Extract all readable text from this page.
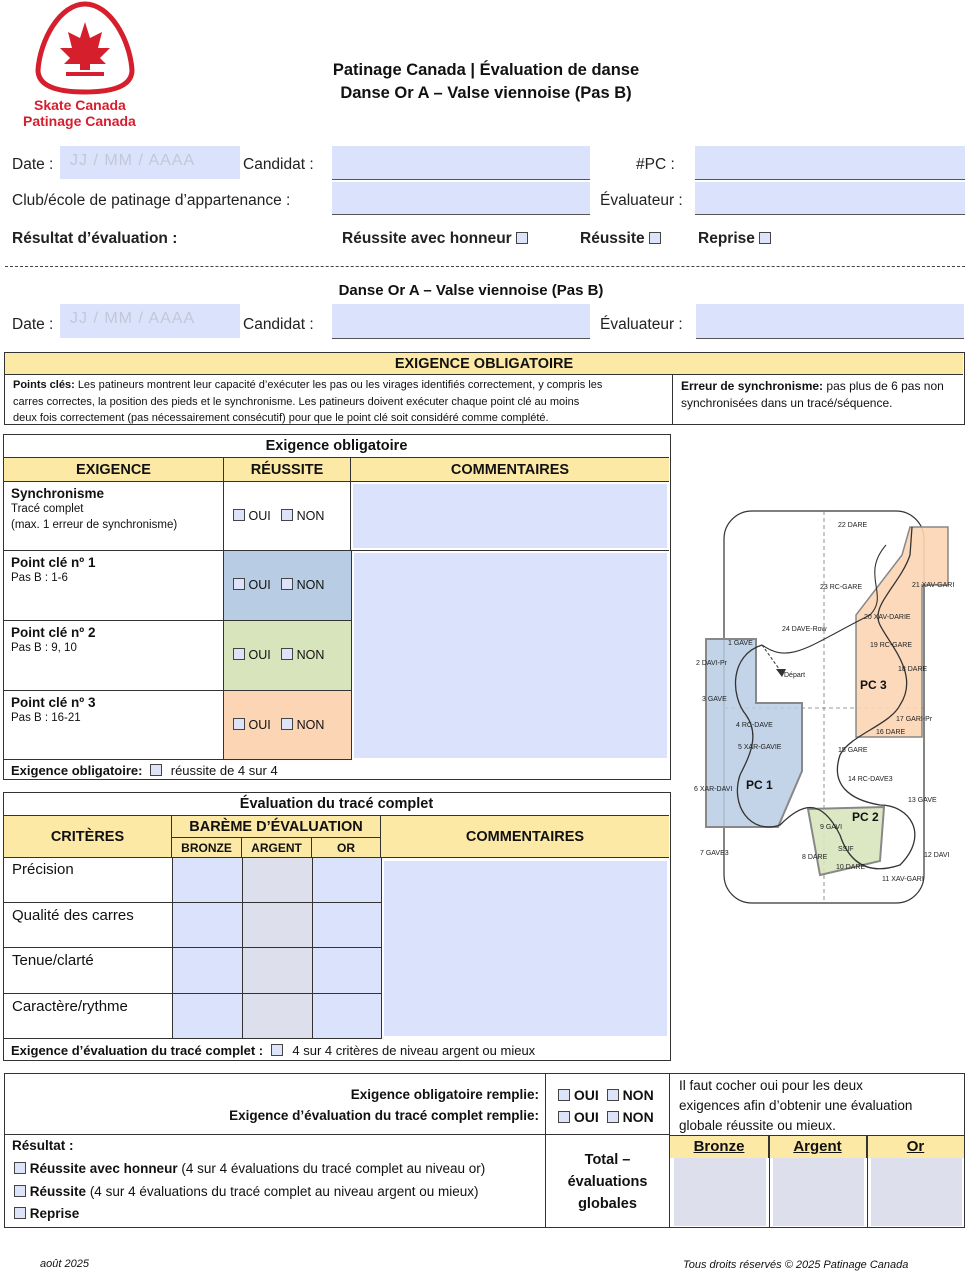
Skate Canada
Patinage Canada
Patinage Canada | Évaluation de danse
Danse Or A – Valse viennoise (Pas B)
Date :	JJ / MM / AAAA	Candidat :	#PC :
Club/école de patinage d’appartenance :	Évaluateur :
Résultat d’évaluation :	Réussite avec honneur	Réussite	Reprise
Danse Or A – Valse viennoise (Pas B)
Date :	JJ / MM / AAAA	Candidat :	Évaluateur :
EXIGENCE OBLIGATOIRE
Points clés: Les patineurs montrent leur capacité d’exécuter les pas ou les virages identifiés correctement, y compris les
carres correctes, la position des pieds et le synchronisme. Les patineurs doivent exécuter chaque point clé au moins
deux fois correctement (pas nécessairement consécutif) pour que le point clé soit considéré comme complété.
Erreur de synchronisme: pas plus de 6 pas non
synchronisées dans un tracé/séquence.
Exigence obligatoire
EXIGENCE	RÉUSSITE	COMMENTAIRES
Synchronisme
Tracé complet
(max. 1 erreur de synchronisme)
OUI NON
Point clé nº 1
Pas B : 1-6	OUI NON
Point clé nº 2
Pas B : 9, 10	OUI NON
Point clé nº 3
Pas B : 16-21	OUI NON
Exigence obligatoire: réussite de 4 sur 4
22 DARE
21 XAV-GARI
23 RC-GARE
20 XAV-DARIE
24 DAVE-Row
19 RC-GARE
18 DARE
1 GAVE
2 DAVI-Pr
Départ
3 GAVE
4 RC-DAVE
5 XAR-GAVIE
6 XAR-DAVI
7 GAVE3
8 DARE
9 GAVI
SSIF
10 DARE
11 XAV-GARI
12 DAVI
13 GAVE
14 RC-DAVE3
15 GARE
16 DARE
17 GARI-Pr
PC 1
PC 2
PC 3
Évaluation du tracé complet
CRITÈRES
BARÈME D’ÉVALUATION
BRONZE	ARGENT	OR
COMMENTAIRES
Précision
Qualité des carres
Tenue/clarté
Caractère/rythme
Exigence d’évaluation du tracé complet : 4 sur 4 critères de niveau argent ou mieux
Exigence obligatoire remplie:
Exigence d’évaluation du tracé complet remplie:
OUI NON
OUI NON
Il faut cocher oui pour les deux
exigences afin d’obtenir une évaluation
globale réussite ou mieux.
Résultat :
Réussite avec honneur (4 sur 4 évaluations du tracé complet au niveau or)
Réussite (4 sur 4 évaluations du tracé complet au niveau argent ou mieux)
Reprise
Total –
évaluations
globales
Bronze	Argent	Or
août 2025	Tous droits réservés © 2025 Patinage Canada
